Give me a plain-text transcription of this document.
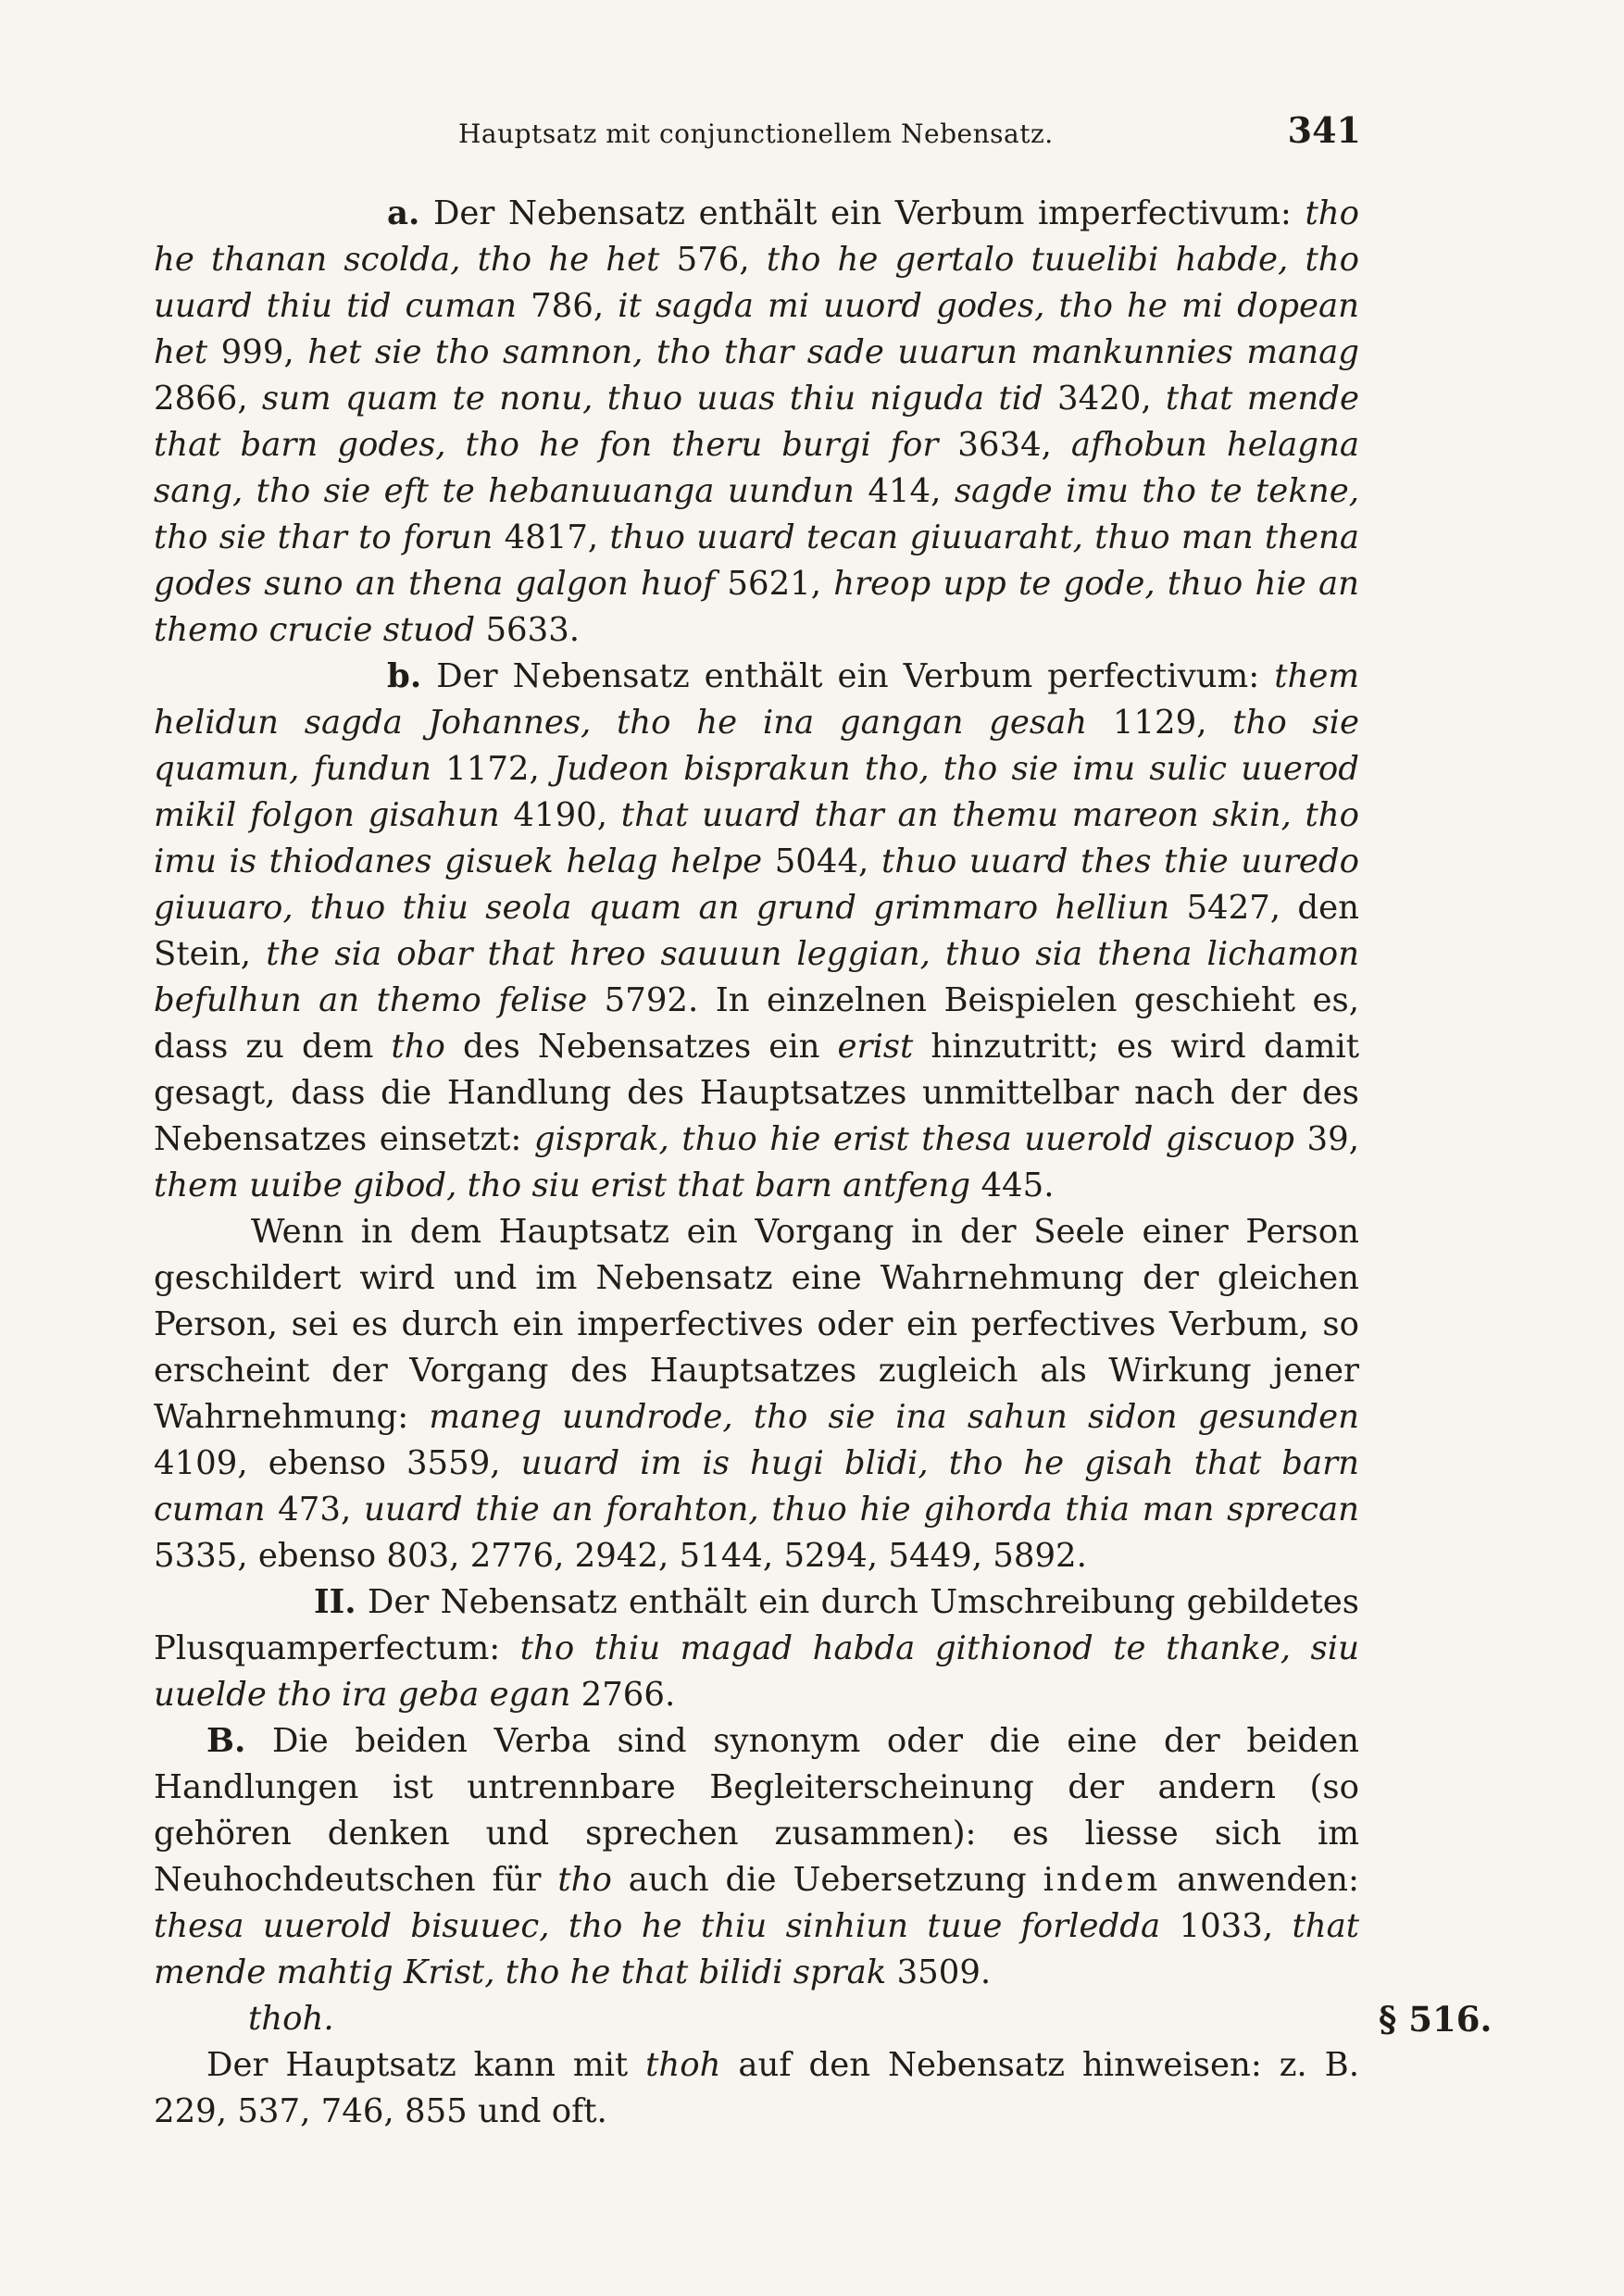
Hauptsatz mit conjunctionellem Nebensatz.	341

a. Der Nebensatz enthält ein Verbum imperfectivum: tho he thanan scolda, tho he het 576, tho he gertalo tuuelibi habde, tho uuard thiu tid cuman 786, it sagda mi uuord godes, tho he mi dopean het 999, het sie tho samnon, tho thar sade uuarun mankunnies manag 2866, sum quam te nonu, thuo uuas thiu niguda tid 3420, that mende that barn godes, tho he fon theru burgi for 3634, afhobun helagna sang, tho sie eft te hebanuuanga uundun 414, sagde imu tho te tekne, tho sie thar to forun 4817, thuo uuard tecan giuuaraht, thuo man thena godes suno an thena galgon huof 5621, hreop upp te gode, thuo hie an themo crucie stuod 5633.

b. Der Nebensatz enthält ein Verbum perfectivum: them helidun sagda Johannes, tho he ina gangan gesah 1129, tho sie quamun, fundun 1172, Judeon bisprakun tho, tho sie imu sulic uuerod mikil folgon gisahun 4190, that uuard thar an themu mareon skin, tho imu is thiodanes gisuek helag helpe 5044, thuo uuard thes thie uuredo giuuaro, thuo thiu seola quam an grund grimmaro helliun 5427, den Stein, the sia obar that hreo sauuun leggian, thuo sia thena lichamon befulhun an themo felise 5792. In einzelnen Beispielen geschieht es, dass zu dem tho des Nebensatzes ein erist hinzutritt; es wird damit gesagt, dass die Handlung des Hauptsatzes unmittelbar nach der des Nebensatzes einsetzt: gisprak, thuo hie erist thesa uuerold giscuop 39, them uuibe gibod, tho siu erist that barn antfeng 445.

Wenn in dem Hauptsatz ein Vorgang in der Seele einer Person geschildert wird und im Nebensatz eine Wahrnehmung der gleichen Person, sei es durch ein imperfectives oder ein perfectives Verbum, so erscheint der Vorgang des Hauptsatzes zugleich als Wirkung jener Wahrnehmung: maneg uundrode, tho sie ina sahun sidon gesunden 4109, ebenso 3559, uuard im is hugi blidi, tho he gisah that barn cuman 473, uuard thie an forahton, thuo hie gihorda thia man sprecan 5335, ebenso 803, 2776, 2942, 5144, 5294, 5449, 5892.

II. Der Nebensatz enthält ein durch Umschreibung gebildetes Plusquamperfectum: tho thiu magad habda githionod te thanke, siu uuelde tho ira geba egan 2766.

B. Die beiden Verba sind synonym oder die eine der beiden Handlungen ist untrennbare Begleiterscheinung der andern (so gehören denken und sprechen zusammen): es liesse sich im Neuhochdeutschen für tho auch die Uebersetzung indem anwenden: thesa uuerold bisuuec, tho he thiu sinhiun tuue forledda 1033, that mende mahtig Krist, tho he that bilidi sprak 3509.

thoh.	§ 516.

Der Hauptsatz kann mit thoh auf den Nebensatz hinweisen: z. B. 229, 537, 746, 855 und oft.
